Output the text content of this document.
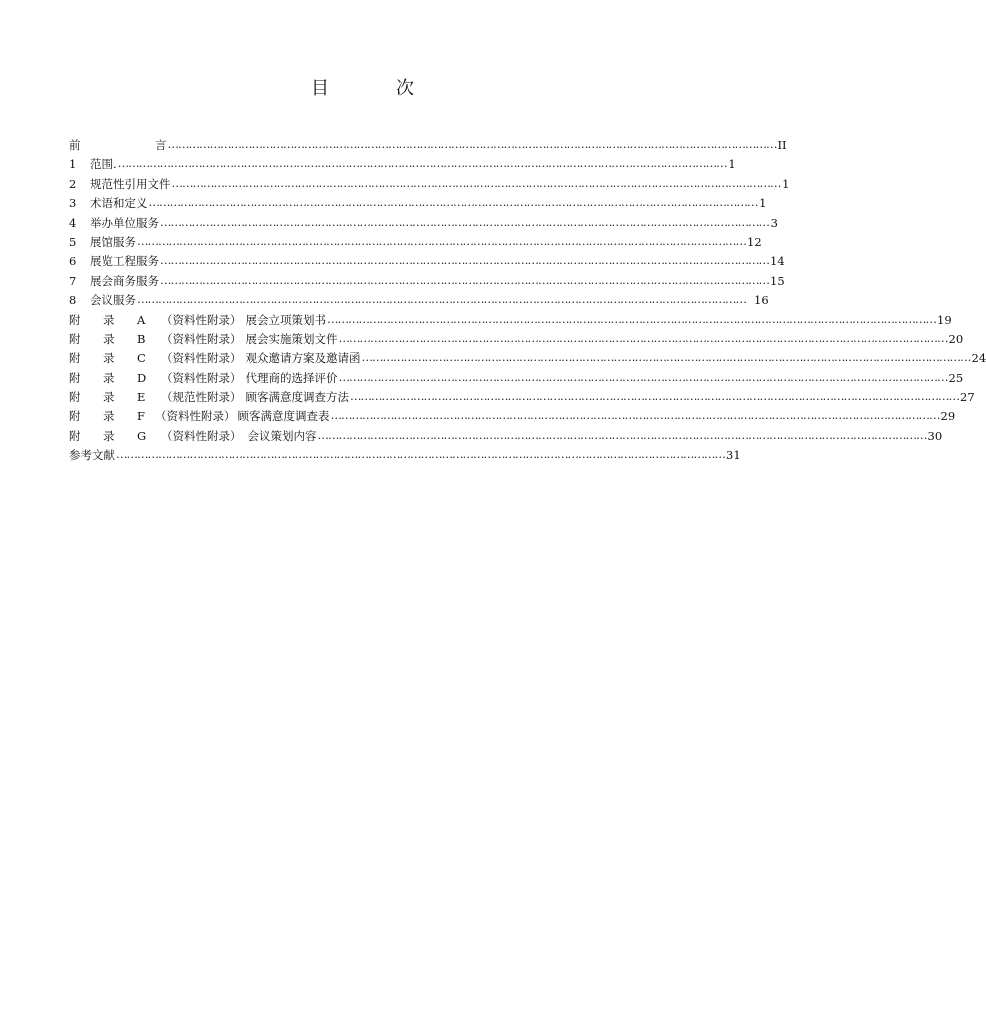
目	次
前	言 ………………………………………………………………………………………………………………………………………………………… II
1	范围. ………………………………………………………………………………………………………………………………………………………… 1
2	规范性引用文件 ………………………………………………………………………………………………………………………………………………………… 1
3	术语和定义 ………………………………………………………………………………………………………………………………………………………… 1
4	举办单位服务 ………………………………………………………………………………………………………………………………………………………… 3
5	展馆服务 ………………………………………………………………………………………………………………………………………………………… 12
6	展览工程服务 ………………………………………………………………………………………………………………………………………………………… 14
7	展会商务服务 ………………………………………………………………………………………………………………………………………………………… 15
8	会议服务 ………………………………………………………………………………………………………………………………………………………… 16
附	录	A	（资料性附录） 展会立项策划书 ………………………………………………………………………………………………………………………………………………………… 19
附	录	B	（资料性附录） 展会实施策划文件 ………………………………………………………………………………………………………………………………………………………… 20
附	录	C	（资料性附录） 观众邀请方案及邀请函 ………………………………………………………………………………………………………………………………………………………… 24
附	录	D	（资料性附录） 代理商的选择评价 ………………………………………………………………………………………………………………………………………………………… 25
附	录	E	（规范性附录） 顾客满意度调查方法 ………………………………………………………………………………………………………………………………………………………… 27
附	录	F （资料性附录） 顾客满意度调查表 ………………………………………………………………………………………………………………………………………………………… 29
附	录	G	（资料性附录） 会议策划内容 ………………………………………………………………………………………………………………………………………………………… 30
参考文献 ………………………………………………………………………………………………………………………………………………………… 31
